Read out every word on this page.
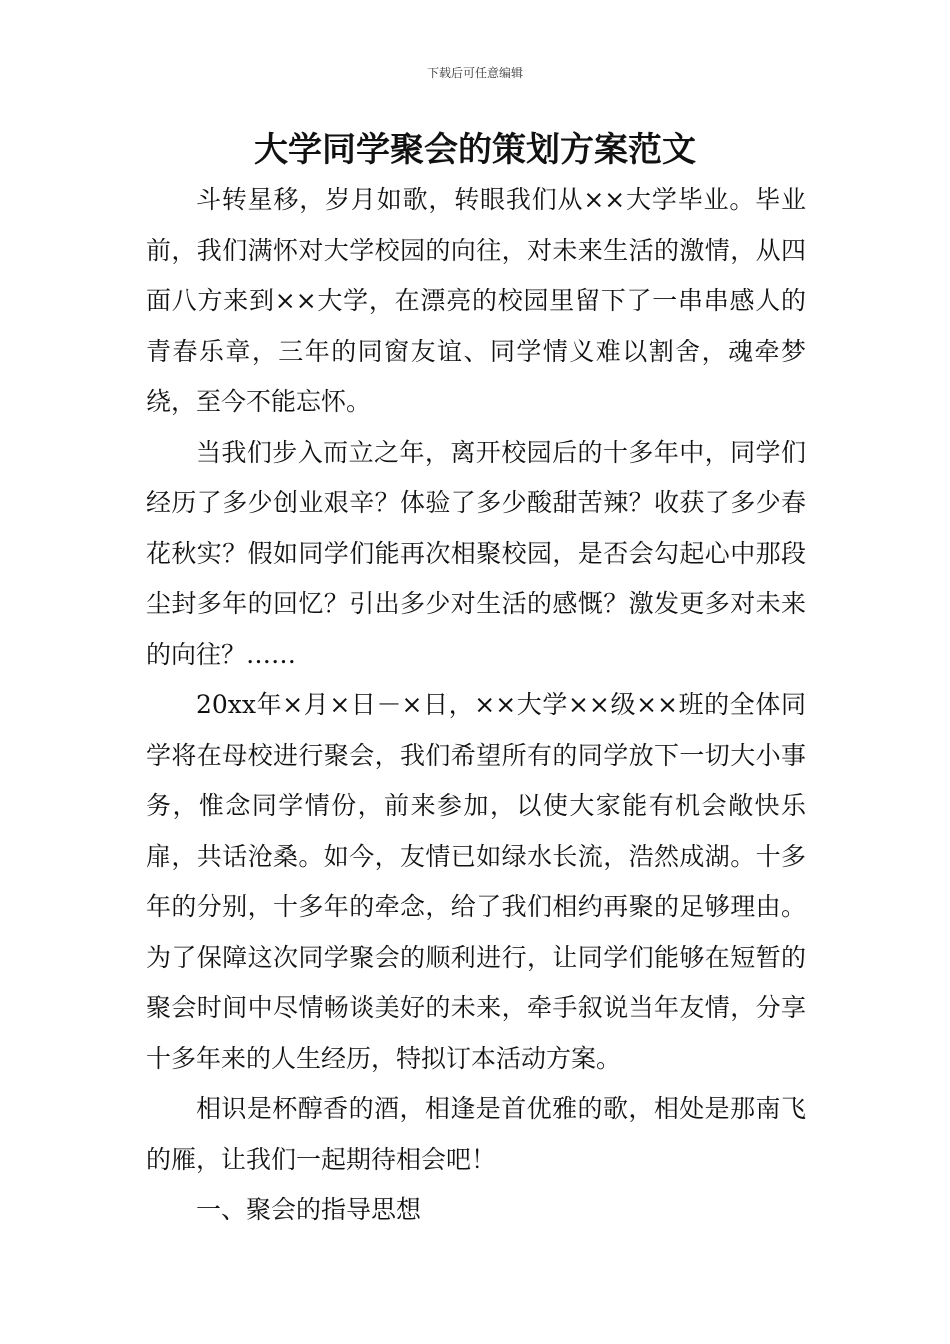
下载后可任意编辑
大学同学聚会的策划方案范文

斗转星移，岁月如歌，转眼我们从××大学毕业。毕业前，我们满怀对大学校园的向往，对未来生活的激情，从四面八方来到××大学，在漂亮的校园里留下了一串串感人的青春乐章，三年的同窗友谊、同学情义难以割舍，魂牵梦绕，至今不能忘怀。

当我们步入而立之年，离开校园后的十多年中，同学们经历了多少创业艰辛？体验了多少酸甜苦辣？收获了多少春花秋实？假如同学们能再次相聚校园，是否会勾起心中那段尘封多年的回忆？引出多少对生活的感慨？激发更多对未来的向往？……

20xx年×月×日－×日，××大学××级××班的全体同学将在母校进行聚会，我们希望所有的同学放下一切大小事务，惟念同学情份，前来参加，以使大家能有机会敞快乐扉，共话沧桑。如今，友情已如绿水长流，浩然成湖。十多年的分别，十多年的牵念，给了我们相约再聚的足够理由。为了保障这次同学聚会的顺利进行，让同学们能够在短暂的聚会时间中尽情畅谈美好的未来，牵手叙说当年友情，分享十多年来的人生经历，特拟订本活动方案。

相识是杯醇香的酒，相逢是首优雅的歌，相处是那南飞的雁，让我们一起期待相会吧！

一、聚会的指导思想
